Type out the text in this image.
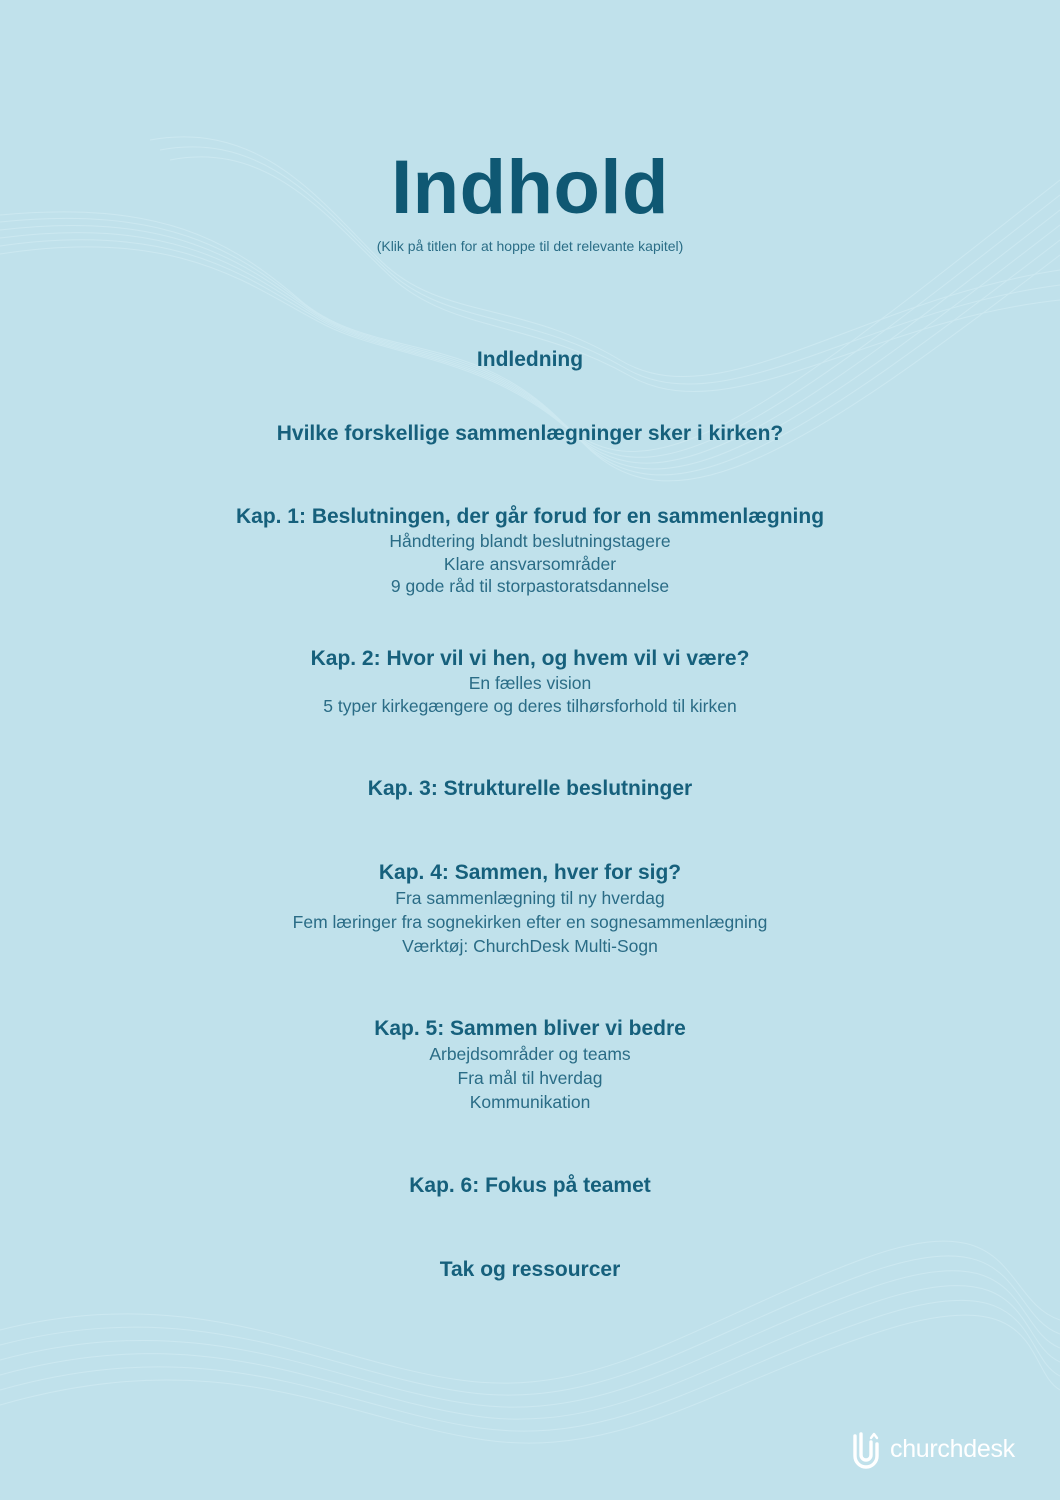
Indhold
(Klik på titlen for at hoppe til det relevante kapitel)
Indledning
Hvilke forskellige sammenlægninger sker i kirken?
Kap. 1: Beslutningen, der går forud for en sammenlægning
Håndtering blandt beslutningstagere
Klare ansvarsområder
9 gode råd til storpastoratsdannelse
Kap. 2: Hvor vil vi hen, og hvem vil vi være?
En fælles vision
5 typer kirkegængere og deres tilhørsforhold til kirken
Kap. 3: Strukturelle beslutninger
Kap. 4: Sammen, hver for sig?
Fra sammenlægning til ny hverdag
Fem læringer fra sognekirken efter en sognesammenlægning
Værktøj: ChurchDesk Multi-Sogn
Kap. 5: Sammen bliver vi bedre
Arbejdsområder og teams
Fra mål til hverdag
Kommunikation
Kap. 6: Fokus på teamet
Tak og ressourcer
churchdesk
